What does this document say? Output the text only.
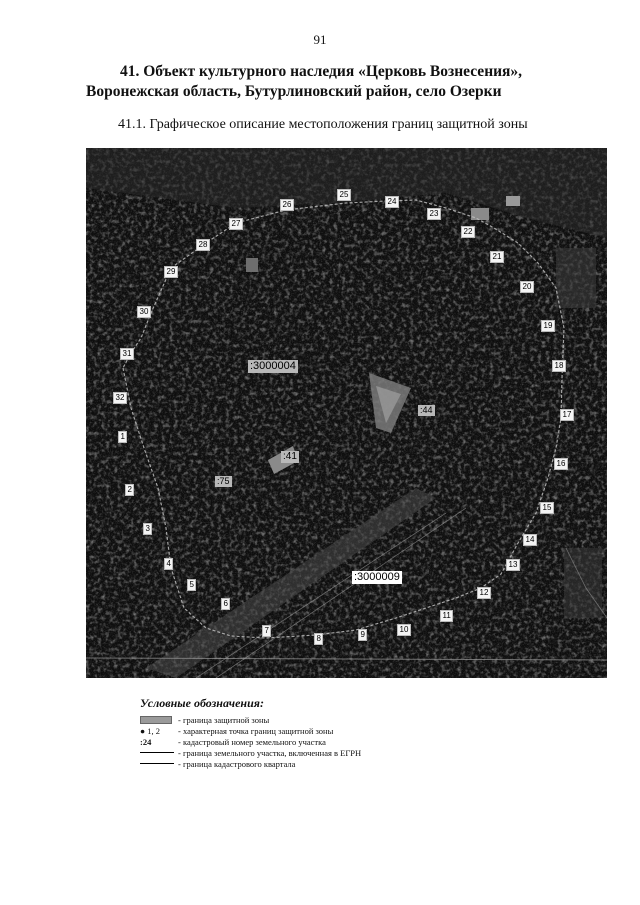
91
41. Объект культурного наследия «Церковь Вознесения», Воронежская область, Бутурлиновский район, село Озерки
41.1. Графическое описание местоположения границ защитной зоны
:3000004
:3000009
:44
:41
:75
1
2
3
4
5
6
7
8	9
10
11
12
13
14
15
16
17
18
19
20
21
22
23
24
25
26
27
28
29
30
31
32
Условные обозначения:
- граница защитной зоны
● 1, 2	- характерная точка границ защитной зоны
:24	- кадастровый номер земельного участка
- граница земельного участка, включенная в ЕГРН
- граница кадастрового квартала
